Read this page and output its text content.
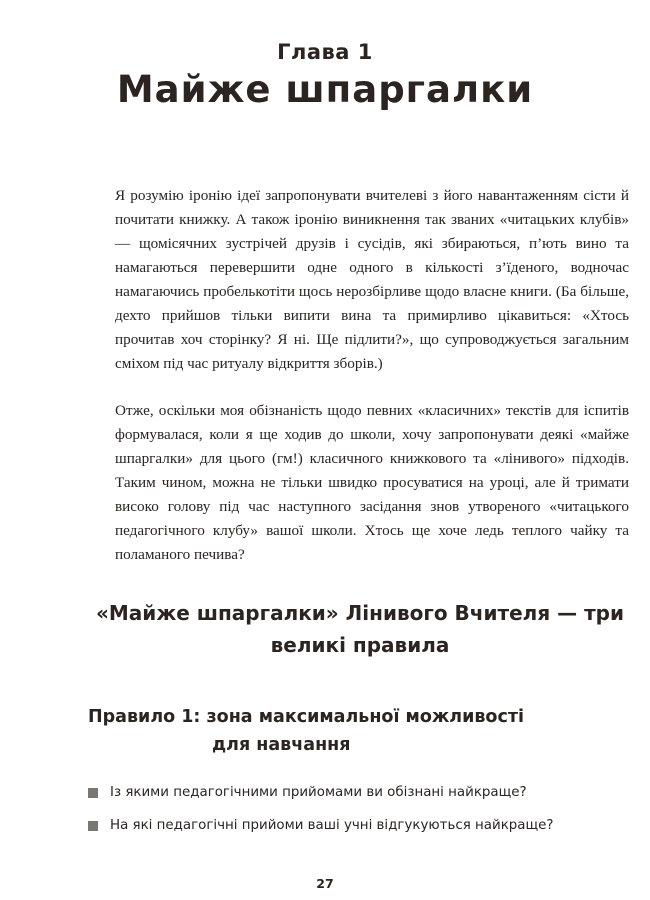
Глава 1
Майже шпаргалки

Я розумію іронію ідеї запропонувати вчителеві з його навантаженням сісти й почитати книжку. А також іронію виникнення так званих «читацьких клубів» — щомісячних зустрічей друзів і сусідів, які збираються, п’ють вино та намагаються перевершити одне одного в кількості з’їденого, водночас намагаючись пробелькотіти щось нерозбірливе щодо власне книги. (Ба більше, дехто прийшов тільки випити вина та примирливо цікавиться: «Хтось прочитав хоч сторінку? Я ні. Ще підлити?», що супроводжується загальним сміхом під час ритуалу відкриття зборів.)

Отже, оскільки моя обізнаність щодо певних «класичних» текстів для іспитів формувалася, коли я ще ходив до школи, хочу запропонувати деякі «майже шпаргалки» для цього (гм!) класичного книжкового та «лінивого» підходів. Таким чином, можна не тільки швидко просуватися на уроці, але й тримати високо голову під час наступного засідання знов утвореного «читацького педагогічного клубу» вашої школи. Хтось ще хоче ледь теплого чайку та поламаного печива?

«Майже шпаргалки» Лінивого Вчителя — три великі правила
Правило 1: зона максимальної можливості
для навчання
Із якими педагогічними прийомами ви обізнані найкраще?
На які педагогічні прийоми ваші учні відгукуються найкраще?
27
